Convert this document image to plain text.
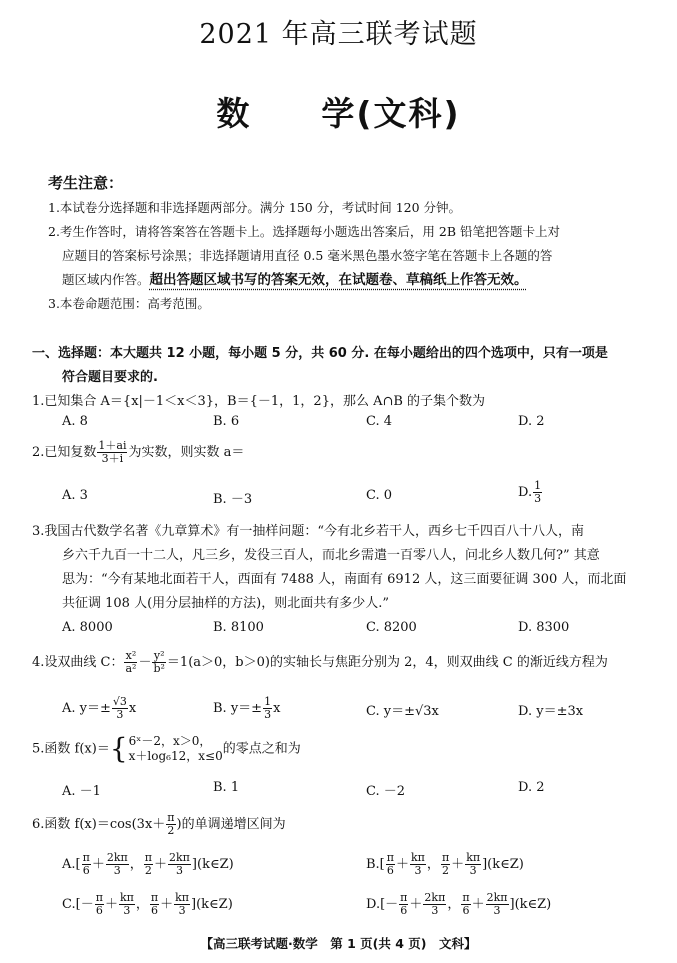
2021 年高三联考试题
数　　学(文科)
考生注意：
1.本试卷分选择题和非选择题两部分。满分 150 分，考试时间 120 分钟。
2.考生作答时，请将答案答在答题卡上。选择题每小题选出答案后，用 2B 铅笔把答题卡上对
应题目的答案标号涂黑；非选择题请用直径 0.5 毫米黑色墨水签字笔在答题卡上各题的答
题区域内作答。超出答题区域书写的答案无效，在试题卷、草稿纸上作答无效。
3.本卷命题范围：高考范围。
一、选择题：本大题共 12 小题，每小题 5 分，共 60 分. 在每小题给出的四个选项中，只有一项是
符合题目要求的.
1.已知集合 A＝{x|－1＜x＜3}，B＝{－1，1，2}，那么 A∩B 的子集个数为
A. 8	B. 6	C. 4	D. 2
2.已知复数 $\frac{1+ai}{3+i}$ 为实数，则实数 a＝
A. 3	B. －3	C. 0	D. $\frac{1}{3}$
3.我国古代数学名著《九章算术》有一抽样问题：“今有北乡若干人，西乡七千四百八十八人，南
乡六千九百一十二人，凡三乡，发役三百人，而北乡需遣一百零八人，问北乡人数几何?” 其意
思为：“今有某地北面若干人，西面有 7488 人，南面有 6912 人，这三面要征调 300 人，而北面
共征调 108 人(用分层抽样的方法)，则北面共有多少人.”
A. 8000	B. 8100	C. 8200	D. 8300
4.设双曲线 C： $\frac{\text{x²}}{\text{a²}} - \frac{\text{y²}}{\text{b²}} =1(a>0$，b＞0)的实轴长与焦距分别为 2，4，则双曲线 C 的渐近线方程为
A. $y=\pm \frac{√3}{3}$ x	B. $y=\pm \frac{1}{3}$ x	C. y＝±√3x	D. y＝±3x
5.函数 f(x)＝{ 6ˣ－2，x＞0，
x＋log₆12，x≤0 的零点之和为
A. －1	B. 1	C. －2	D. 2
6.函数 $f(x)=\cos(3x+ \frac{\pi}{2}$ )的单调递增区间为
$A.[ \frac{\pi}{6} + \frac{2k\pi}{3}$ ， $\frac{\pi}{2} + \frac{2k\pi}{3}$ ](k∈Z)	$B.[ \frac{\pi}{6} + \frac{k\pi}{3}$ ， $\frac{\pi}{2} + \frac{k\pi}{3}$ ](k∈Z)
$C.[- \frac{\pi}{6} + \frac{k\pi}{3}$ ， $\frac{\pi}{6} + \frac{k\pi}{3}$ ](k∈Z)	$D.[- \frac{\pi}{6} + \frac{2k\pi}{3}$ ， $\frac{\pi}{6} + \frac{2k\pi}{3}$ ](k∈Z)
【高三联考试题·数学　第 1 页(共 4 页)　文科】
